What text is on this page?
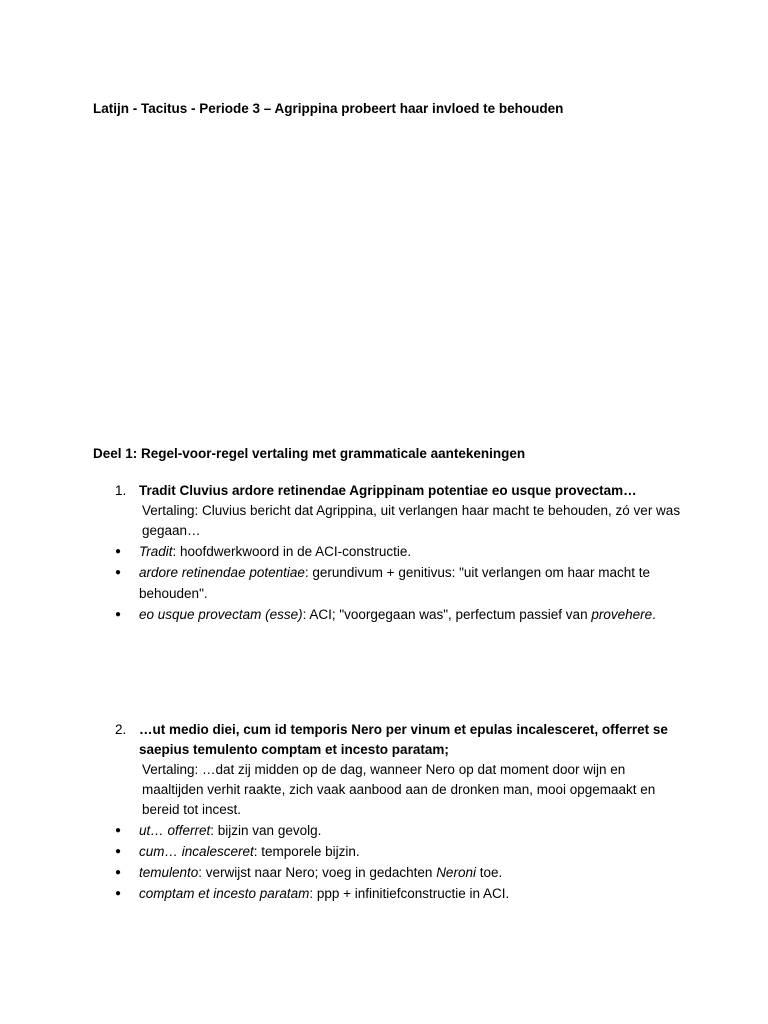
Latijn - Tacitus - Periode 3 – Agrippina probeert haar invloed te behouden
Deel 1: Regel-voor-regel vertaling met grammaticale aantekeningen
1. Tradit Cluvius ardore retinendae Agrippinam potentiae eo usque provectam…
Vertaling: Cluvius bericht dat Agrippina, uit verlangen haar macht te behouden, zó ver was gegaan…
● Tradit: hoofdwerkwoord in de ACI-constructie.
● ardore retinendae potentiae: gerundivum + genitivus: "uit verlangen om haar macht te behouden".
● eo usque provectam (esse): ACI; "voorgegaan was", perfectum passief van provehere.
2. …ut medio diei, cum id temporis Nero per vinum et epulas incalesceret, offerret se saepius temulento comptam et incesto paratam;
Vertaling: …dat zij midden op de dag, wanneer Nero op dat moment door wijn en maaltijden verhit raakte, zich vaak aanbood aan de dronken man, mooi opgemaakt en bereid tot incest.
● ut… offerret: bijzin van gevolg.
● cum… incalesceret: temporele bijzin.
● temulento: verwijst naar Nero; voeg in gedachten Neroni toe.
● comptam et incesto paratam: ppp + infinitiefconstructie in ACI.
